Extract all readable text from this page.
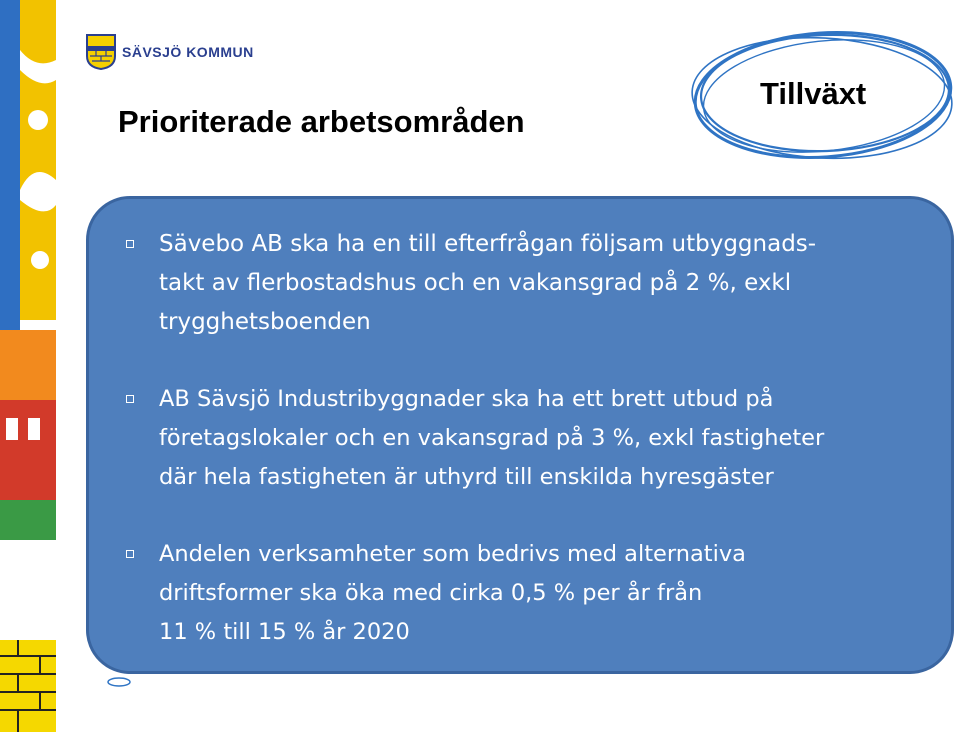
SÄVSJÖ KOMMUN
Prioriterade arbetsområden
Tillväxt
Sävebo AB ska ha en till efterfrågan följsam utbyggnads-
takt av flerbostadshus och en vakansgrad på 2 %, exkl
trygghetsboenden
AB Sävsjö Industribyggnader ska ha ett brett utbud på
företagslokaler och en vakansgrad på 3 %, exkl fastigheter
där hela fastigheten är uthyrd till enskilda hyresgäster
Andelen verksamheter som bedrivs med alternativa
driftsformer ska öka med cirka 0,5 % per år från
11 % till 15 % år 2020
